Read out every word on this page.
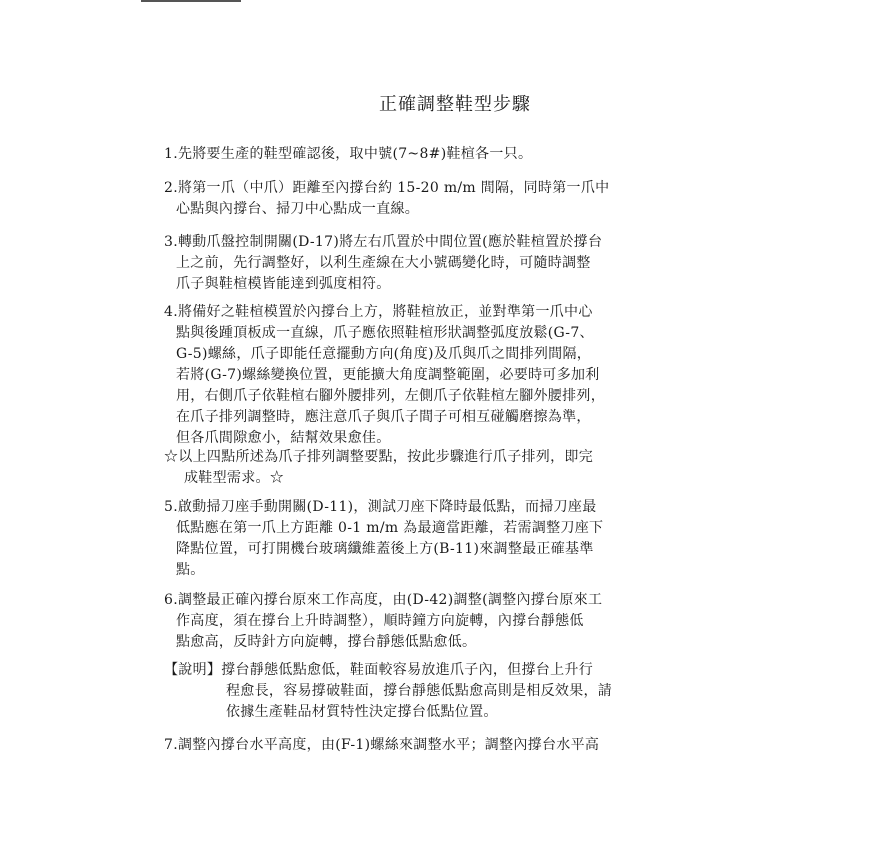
正確調整鞋型步驟
1.先將要生產的鞋型確認後，取中號(7~8#)鞋楦各一只。
2.將第一爪（中爪）距離至內撐台約 15-20 m/m 間隔，同時第一爪中
心點與內撐台、掃刀中心點成一直線。
3.轉動爪盤控制開關(D-17)將左右爪置於中間位置(應於鞋楦置於撐台
上之前，先行調整好，以利生產線在大小號碼變化時，可隨時調整
爪子與鞋楦模皆能達到弧度相符。
4.將備好之鞋楦模置於內撐台上方，將鞋楦放正，並對準第一爪中心
點與後踵頂板成一直線，爪子應依照鞋楦形狀調整弧度放鬆(G-7、
G-5)螺絲，爪子即能任意擺動方向(角度)及爪與爪之間排列間隔，
若將(G-7)螺絲變換位置，更能擴大角度調整範圍，必要時可多加利
用，右側爪子依鞋楦右腳外腰排列，左側爪子依鞋楦左腳外腰排列，
在爪子排列調整時，應注意爪子與爪子間子可相互碰觸磨擦為準，
但各爪間隙愈小，結幫效果愈佳。
☆以上四點所述為爪子排列調整要點，按此步驟進行爪子排列，即完
成鞋型需求。☆
5.啟動掃刀座手動開關(D-11)，測試刀座下降時最低點，而掃刀座最
低點應在第一爪上方距離 0-1 m/m 為最適當距離，若需調整刀座下
降點位置，可打開機台玻璃纖維蓋後上方(B-11)來調整最正確基準
點。
6.調整最正確內撐台原來工作高度，由(D-42)調整(調整內撐台原來工
作高度，須在撐台上升時調整），順時鐘方向旋轉，內撐台靜態低
點愈高，反時針方向旋轉，撐台靜態低點愈低。
【說明】撐台靜態低點愈低，鞋面較容易放進爪子內，但撐台上升行
程愈長，容易撐破鞋面，撐台靜態低點愈高則是相反效果，請
依據生產鞋品材質特性決定撐台低點位置。
7.調整內撐台水平高度，由(F-1)螺絲來調整水平；調整內撐台水平高
